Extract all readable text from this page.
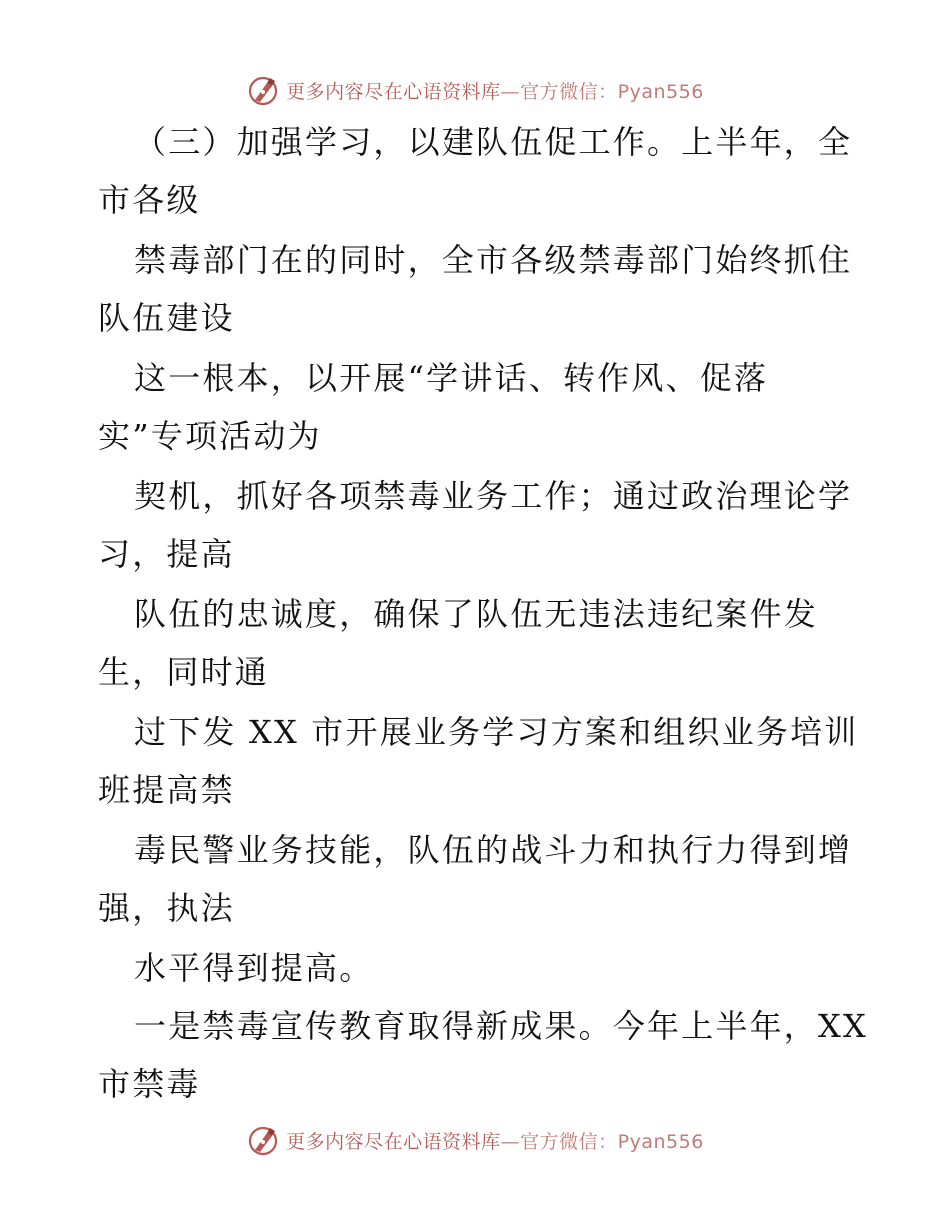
更多内容尽在心语资料库—官方微信：Pyan556
（三）加强学习，以建队伍促工作。上半年，全
市各级
禁毒部门在的同时，全市各级禁毒部门始终抓住
队伍建设
这一根本，以开展“学讲话、转作风、促落
实”专项活动为
契机，抓好各项禁毒业务工作；通过政治理论学
习，提高
队伍的忠诚度，确保了队伍无违法违纪案件发
生，同时通
过下发 XX 市开展业务学习方案和组织业务培训
班提高禁
毒民警业务技能，队伍的战斗力和执行力得到增
强，执法
水平得到提高。
一是禁毒宣传教育取得新成果。今年上半年，XX
市禁毒
更多内容尽在心语资料库—官方微信：Pyan556
